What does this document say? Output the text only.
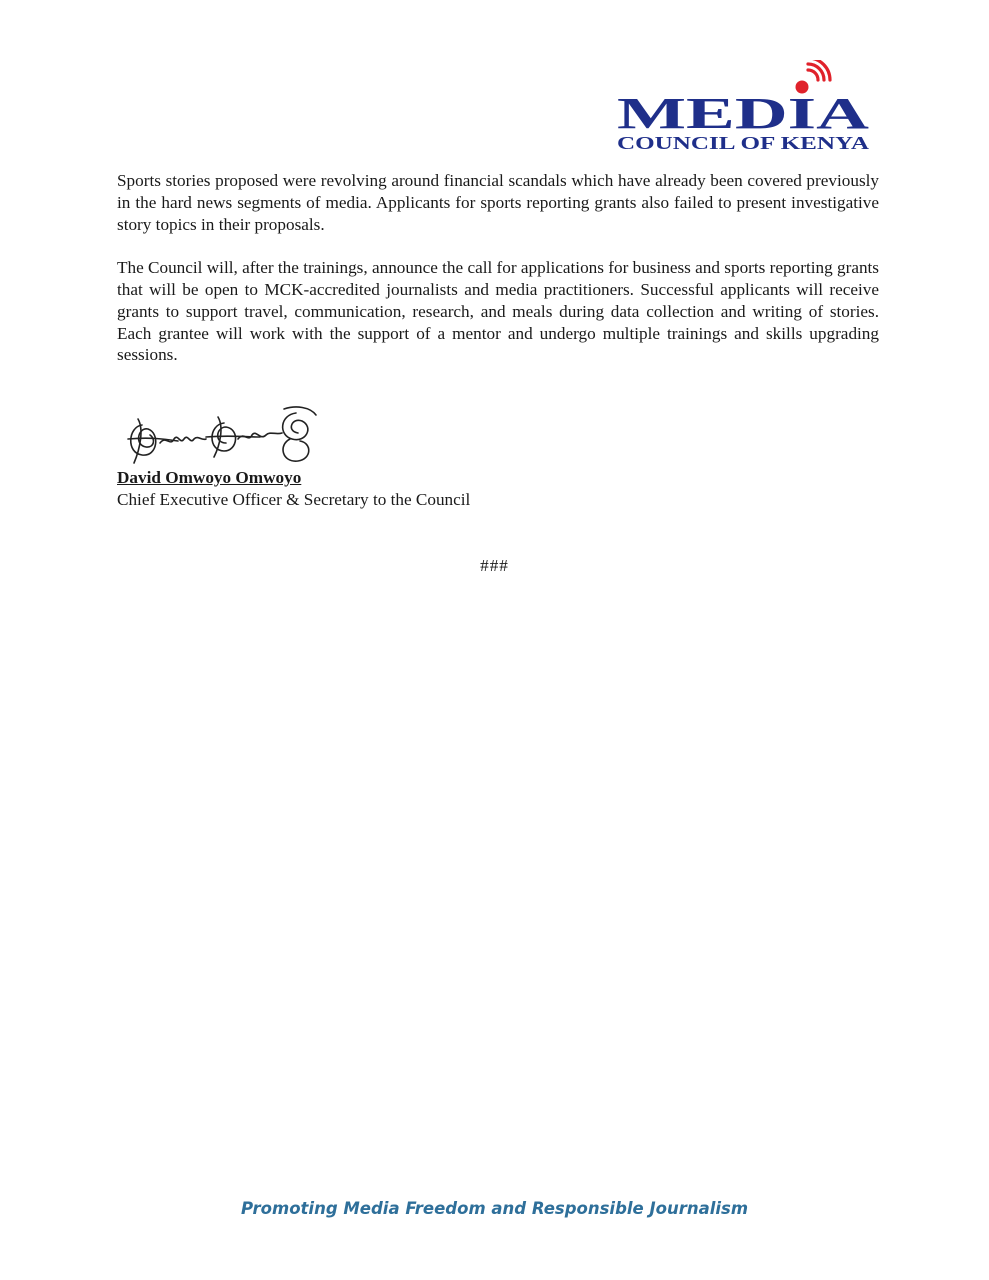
MEDIA
COUNCIL OF KENYA

Sports stories proposed were revolving around financial scandals which have already been covered previously in the hard news segments of media. Applicants for sports reporting grants also failed to present investigative story topics in their proposals.

The Council will, after the trainings, announce the call for applications for business and sports reporting grants that will be open to MCK-accredited journalists and media practitioners. Successful applicants will receive grants to support travel, communication, research, and meals during data collection and writing of stories. Each grantee will work with the support of a mentor and undergo multiple trainings and skills upgrading sessions.

David Omwoyo Omwoyo
Chief Executive Officer & Secretary to the Council
###
Promoting Media Freedom and Responsible Journalism
